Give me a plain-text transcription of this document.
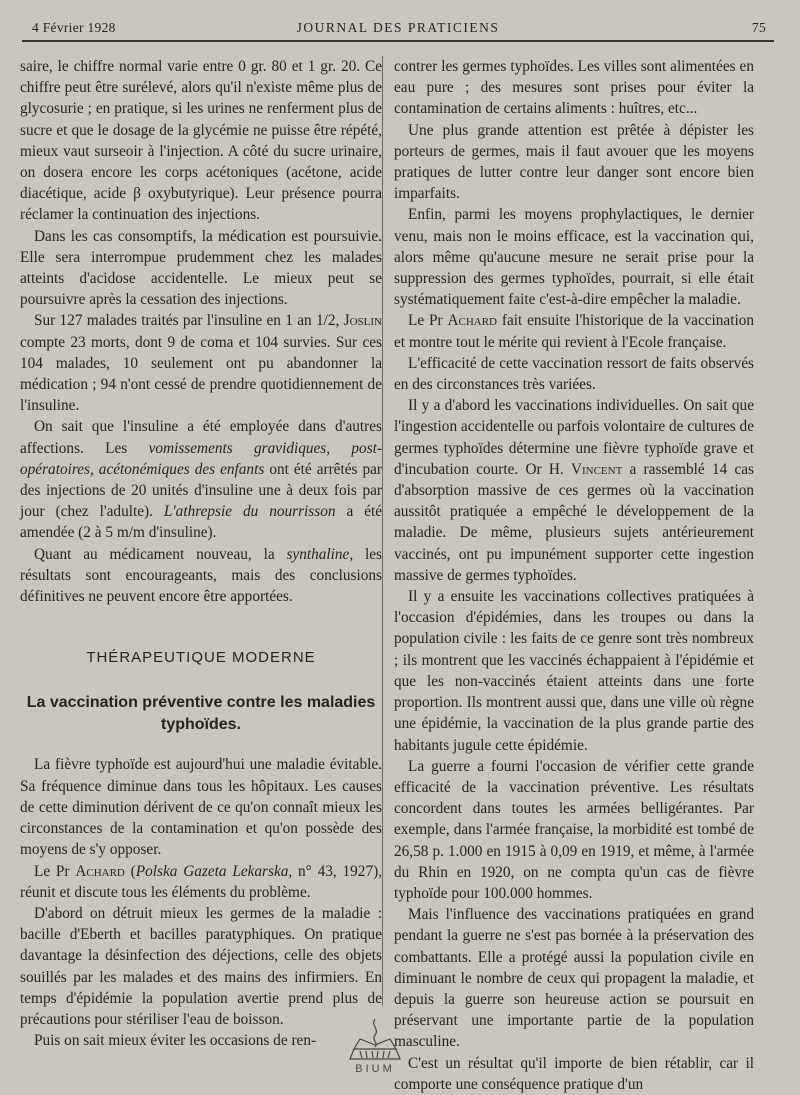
4 Février 1928	JOURNAL DES PRATICIENS	75

saire, le chiffre normal varie entre 0 gr. 80 et 1 gr. 20. Ce chiffre peut être surélevé, alors qu'il n'existe même plus de glycosurie ; en pratique, si les urines ne renferment plus de sucre et que le dosage de la glycémie ne puisse être répété, mieux vaut surseoir à l'injection. A côté du sucre urinaire, on dosera encore les corps acétoniques (acétone, acide diacétique, acide β oxybutyrique). Leur présence pourra réclamer la continuation des injections.

Dans les cas consomptifs, la médication est poursuivie. Elle sera interrompue prudemment chez les malades atteints d'acidose accidentelle. Le mieux peut se poursuivre après la cessation des injections.

Sur 127 malades traités par l'insuline en 1 an 1/2, Joslin compte 23 morts, dont 9 de coma et 104 survies. Sur ces 104 malades, 10 seulement ont pu abandonner la médication ; 94 n'ont cessé de prendre quotidiennement de l'insuline.

On sait que l'insuline a été employée dans d'autres affections. Les vomissements gravidiques, post-opératoires, acétonémiques des enfants ont été arrêtés par des injections de 20 unités d'insuline une à deux fois par jour (chez l'adulte). L'athrepsie du nourrisson a été amendée (2 à 5 m/m d'insuline).

Quant au médicament nouveau, la synthaline, les résultats sont encourageants, mais des conclusions définitives ne peuvent encore être apportées.

THÉRAPEUTIQUE MODERNE
La vaccination préventive contre les maladies typhoïdes.

La fièvre typhoïde est aujourd'hui une maladie évitable. Sa fréquence diminue dans tous les hôpitaux. Les causes de cette diminution dérivent de ce qu'on connaît mieux les circonstances de la contamination et qu'on possède des moyens de s'y opposer.

Le Pr Achard (Polska Gazeta Lekarska, n° 43, 1927), réunit et discute tous les éléments du problème.

D'abord on détruit mieux les germes de la maladie : bacille d'Eberth et bacilles paratyphiques. On pratique davantage la désinfection des déjections, celle des objets souillés par les malades et des mains des infirmiers. En temps d'épidémie la population avertie prend plus de précautions pour stériliser l'eau de boisson.

Puis on sait mieux éviter les occasions de ren-

contrer les germes typhoïdes. Les villes sont alimentées en eau pure ; des mesures sont prises pour éviter la contamination de certains aliments : huîtres, etc...

Une plus grande attention est prêtée à dépister les porteurs de germes, mais il faut avouer que les moyens pratiques de lutter contre leur danger sont encore bien imparfaits.

Enfin, parmi les moyens prophylactiques, le dernier venu, mais non le moins efficace, est la vaccination qui, alors même qu'aucune mesure ne serait prise pour la suppression des germes typhoïdes, pourrait, si elle était systématiquement faite c'est-à-dire empêcher la maladie.

Le Pr Achard fait ensuite l'historique de la vaccination et montre tout le mérite qui revient à l'Ecole française.

L'efficacité de cette vaccination ressort de faits observés en des circonstances très variées.

Il y a d'abord les vaccinations individuelles. On sait que l'ingestion accidentelle ou parfois volontaire de cultures de germes typhoïdes détermine une fièvre typhoïde grave et d'incubation courte. Or H. Vincent a rassemblé 14 cas d'absorption massive de ces germes où la vaccination aussitôt pratiquée a empêché le développement de la maladie. De même, plusieurs sujets antérieurement vaccinés, ont pu impunément supporter cette ingestion massive de germes typhoïdes.

Il y a ensuite les vaccinations collectives pratiquées à l'occasion d'épidémies, dans les troupes ou dans la population civile : les faits de ce genre sont très nombreux ; ils montrent que les vaccinés échappaient à l'épidémie et que les non-vaccinés étaient atteints dans une forte proportion. Ils montrent aussi que, dans une ville où règne une épidémie, la vaccination de la plus grande partie des habitants jugule cette épidémie.

La guerre a fourni l'occasion de vérifier cette grande efficacité de la vaccination préventive. Les résultats concordent dans toutes les armées belligérantes. Par exemple, dans l'armée française, la morbidité est tombé de 26,58 p. 1.000 en 1915 à 0,09 en 1919, et même, à l'armée du Rhin en 1920, on ne compta qu'un cas de fièvre typhoïde pour 100.000 hommes.

Mais l'influence des vaccinations pratiquées en grand pendant la guerre ne s'est pas bornée à la préservation des combattants. Elle a protégé aussi la population civile en diminuant le nombre de ceux qui propagent la maladie, et depuis la guerre son heureuse action se poursuit en préservant une importante partie de la population masculine.

C'est un résultat qu'il importe de bien rétablir, car il comporte une conséquence pratique d'un

BIUM
